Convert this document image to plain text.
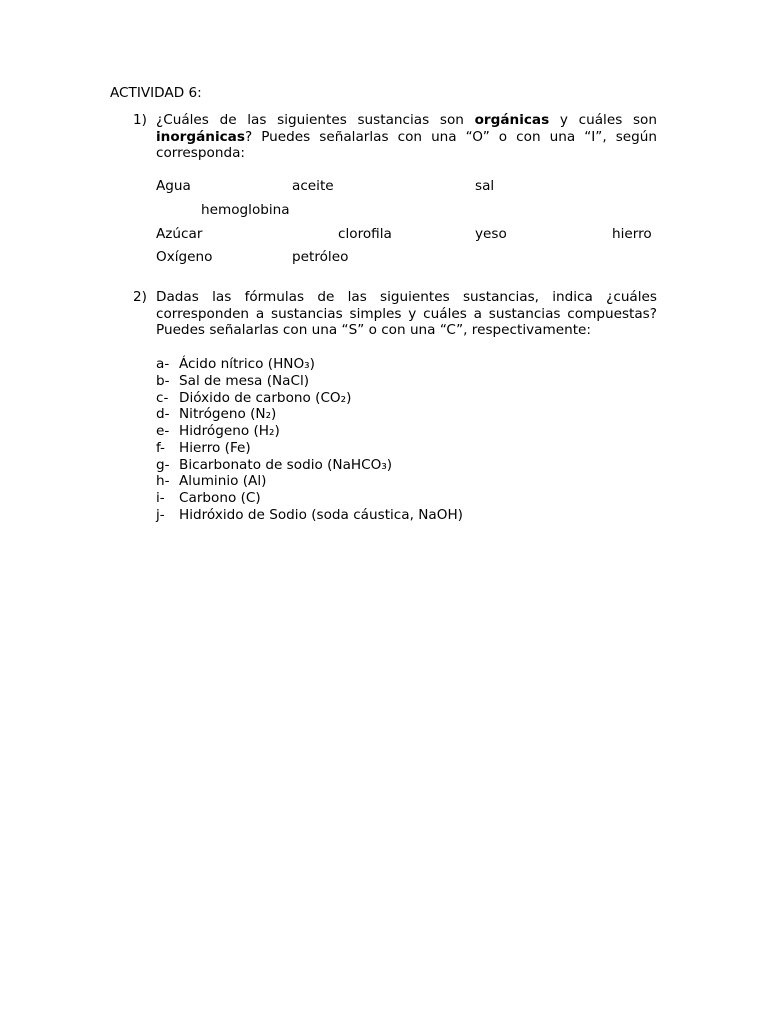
ACTIVIDAD 6:
1) ¿Cuáles de las siguientes sustancias son orgánicas y cuáles son inorgánicas? Puedes señalarlas con una “O” o con una “I”, según corresponda:
Agua	aceite	sal
hemoglobina
Azúcar	clorofila	yeso	hierro
Oxígeno	petróleo
2) Dadas las fórmulas de las siguientes sustancias, indica ¿cuáles corresponden a sustancias simples y cuáles a sustancias compuestas? Puedes señalarlas con una “S” o con una “C”, respectivamente:
a- Ácido nítrico (HNO₃)
b- Sal de mesa (NaCl)
c- Dióxido de carbono (CO₂)
d- Nitrógeno (N₂)
e- Hidrógeno (H₂)
f- Hierro (Fe)
g- Bicarbonato de sodio (NaHCO₃)
h- Aluminio (Al)
i- Carbono (C)
j- Hidróxido de Sodio (soda cáustica, NaOH)
